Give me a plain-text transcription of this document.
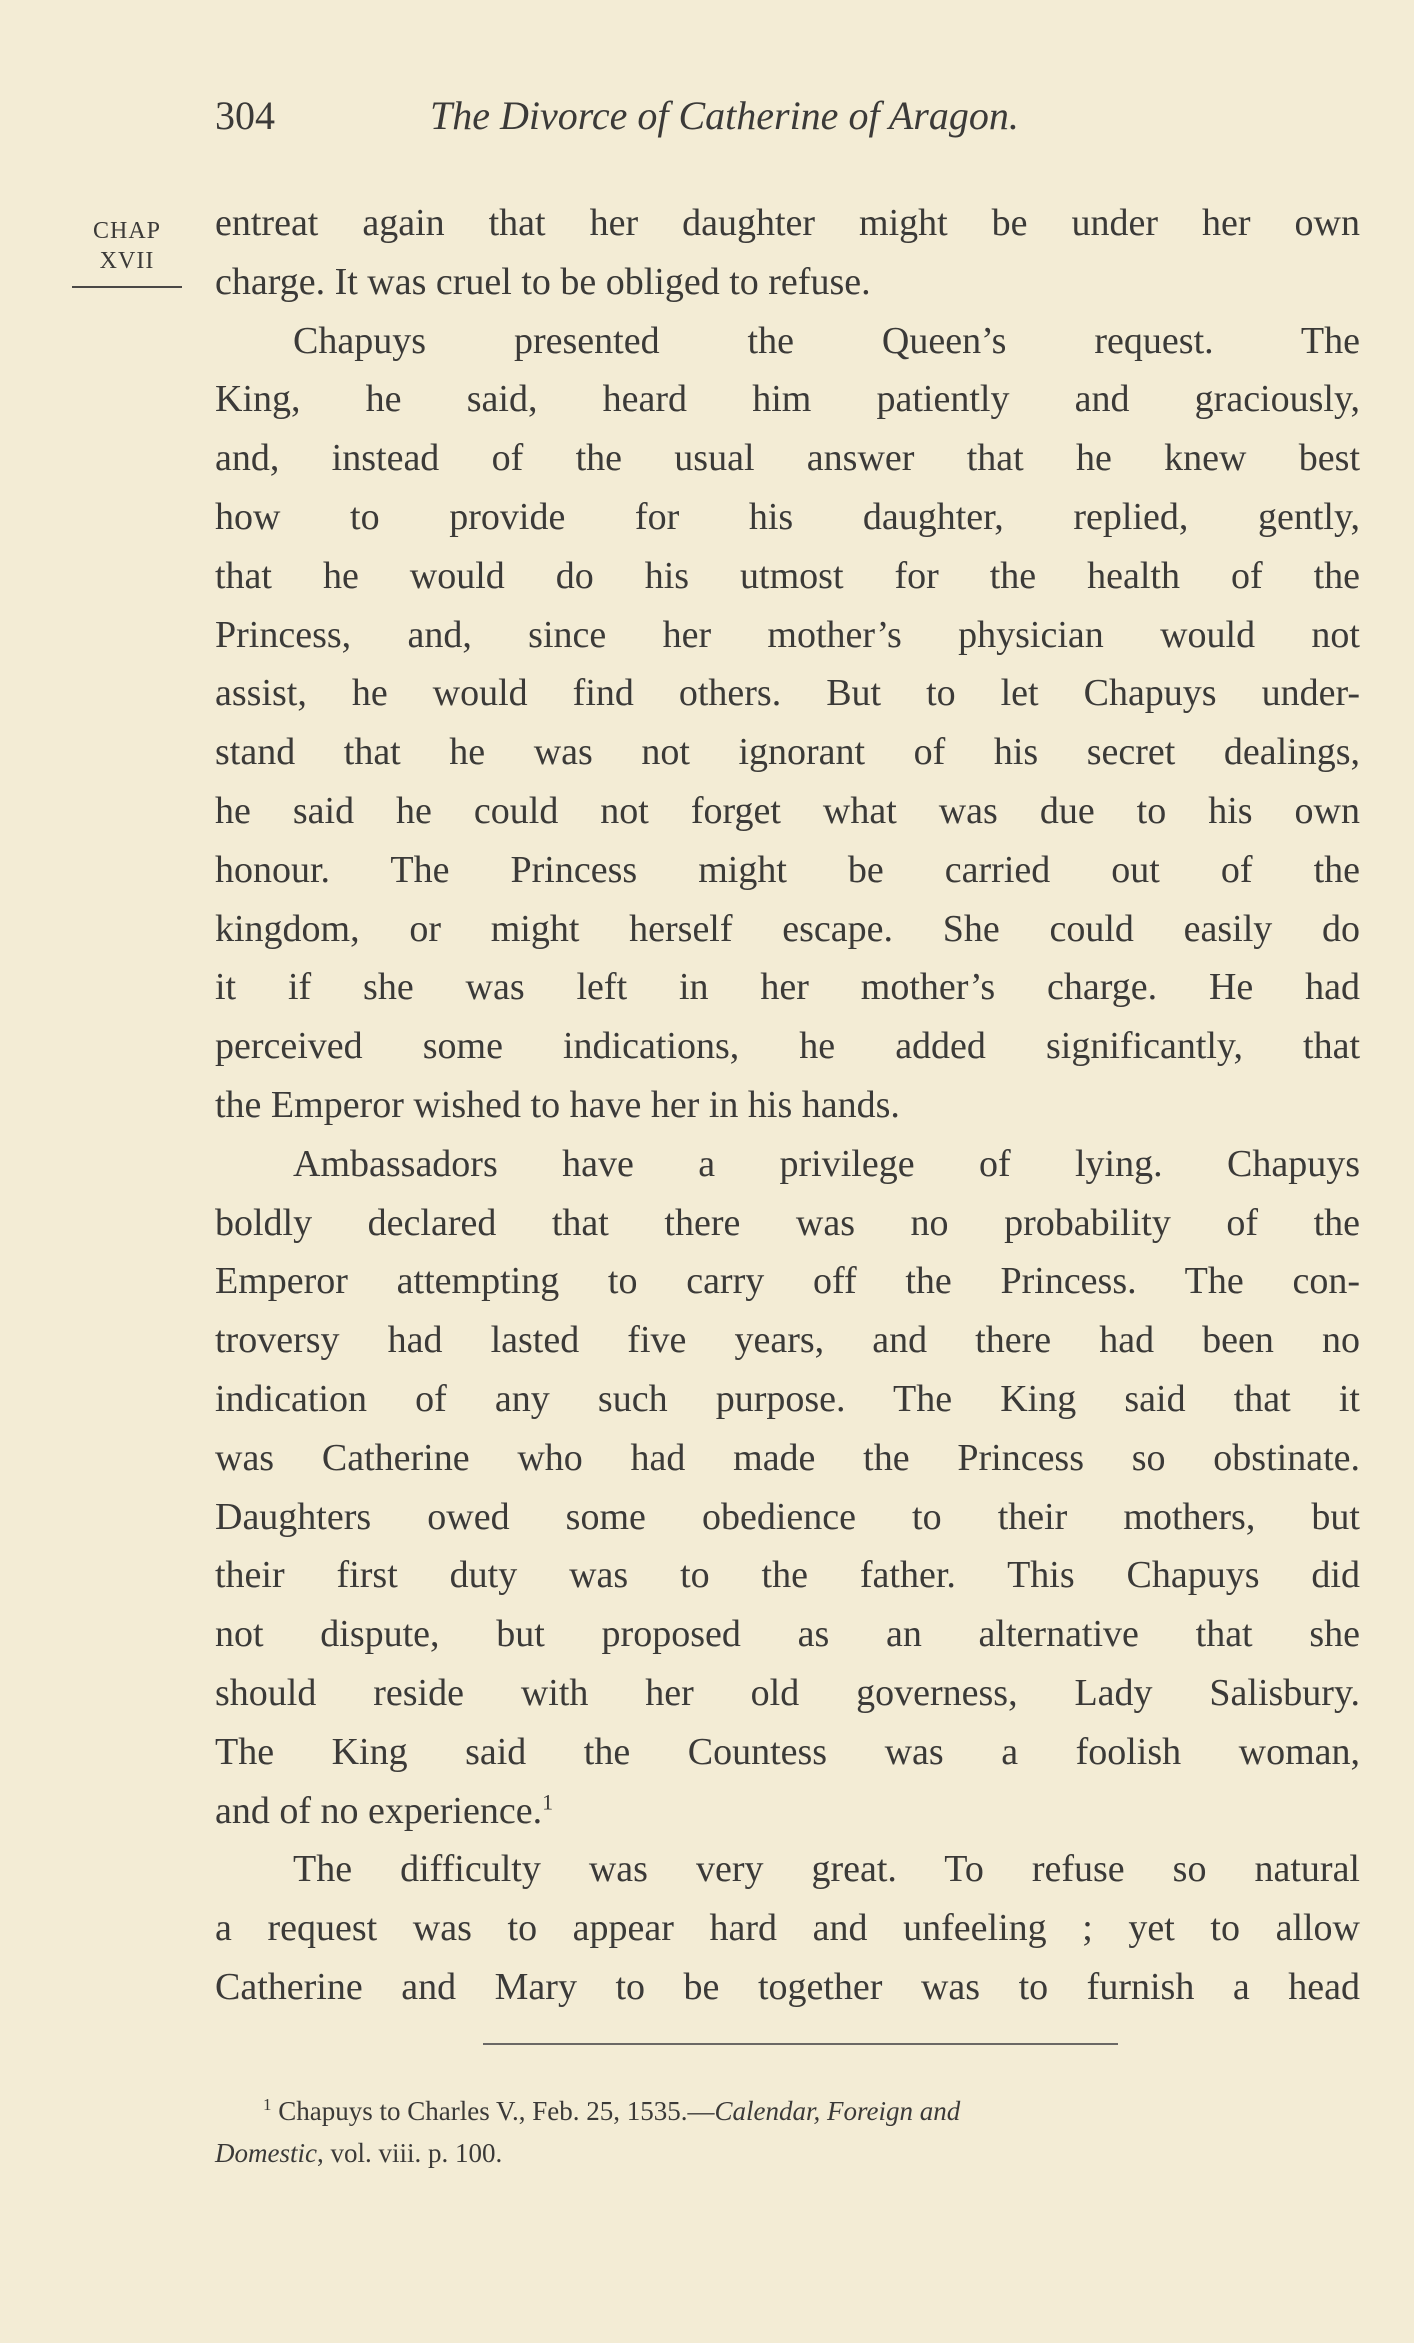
304	The Divorce of Catherine of Aragon.
CHAP
XVII
entreat again that her daughter might be under her own
charge. It was cruel to be obliged to refuse.
Chapuys presented the Queen’s request. The
King, he said, heard him patiently and graciously,
and, instead of the usual answer that he knew best
how to provide for his daughter, replied, gently,
that he would do his utmost for the health of the
Princess, and, since her mother’s physician would not
assist, he would find others. But to let Chapuys under-
stand that he was not ignorant of his secret dealings,
he said he could not forget what was due to his own
honour. The Princess might be carried out of the
kingdom, or might herself escape. She could easily do
it if she was left in her mother’s charge. He had
perceived some indications, he added significantly, that
the Emperor wished to have her in his hands.
Ambassadors have a privilege of lying. Chapuys
boldly declared that there was no probability of the
Emperor attempting to carry off the Princess. The con-
troversy had lasted five years, and there had been no
indication of any such purpose. The King said that it
was Catherine who had made the Princess so obstinate.
Daughters owed some obedience to their mothers, but
their first duty was to the father. This Chapuys did
not dispute, but proposed as an alternative that she
should reside with her old governess, Lady Salisbury.
The King said the Countess was a foolish woman,
and of no experience.$^1$
The difficulty was very great. To refuse so natural
a request was to appear hard and unfeeling ; yet to allow
Catherine and Mary to be together was to furnish a head
$^1$ Chapuys to Charles V., Feb. 25, 1535.—Calendar, Foreign and
Domestic, vol. viii. p. 100.
